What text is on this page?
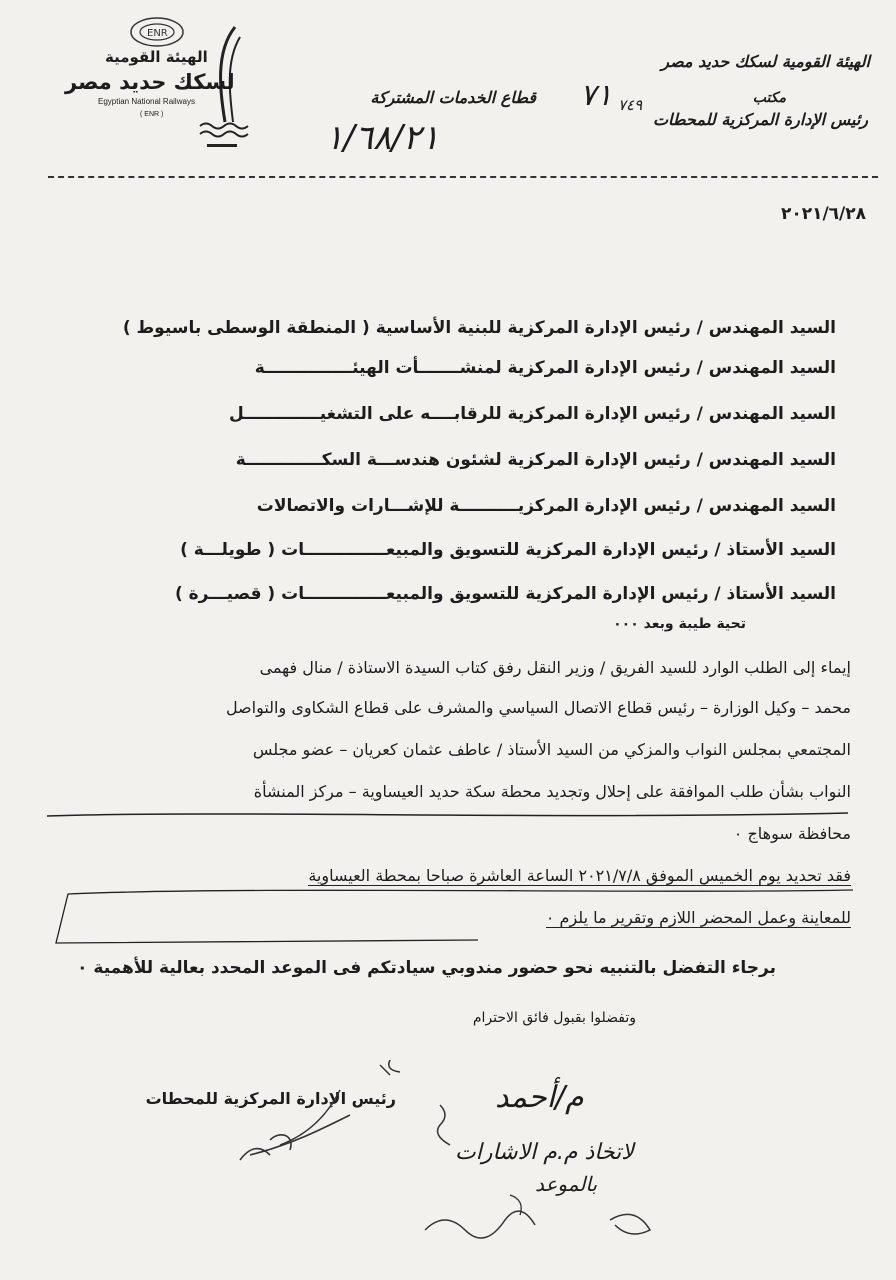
ENR
الهيئة القومية
لسكك حديد مصر
Egyptian National Railways
( ENR )
الهيئة القومية لسكك حديد مصر
مكتب
رئيس الإدارة المركزية للمحطات
قطاع الخدمات المشتركة ٧١ ٧٤٩
١/٦٨/٢١
٢٠٢١/٦/٢٨
السيد المهندس / رئيس الإدارة المركزية للبنية الأساسية ( المنطقة الوسطى باسيوط )
السيد المهندس / رئيس الإدارة المركزية لمنشـــــــأت الهيئـــــــــــــــة
السيد المهندس / رئيس الإدارة المركزية للرقابــــه على التشغيـــــــــــــل
السيد المهندس / رئيس الإدارة المركزية لشئون هندســـة السكـــــــــــــة
السيد المهندس / رئيس الإدارة المركزيــــــــــة للإشـــارات والاتصالات
السيد الأستاذ / رئيس الإدارة المركزية للتسويق والمبيعــــــــــــــات ( طويلـــة )
السيد الأستاذ / رئيس الإدارة المركزية للتسويق والمبيعــــــــــــــات ( قصيـــرة )
تحية طيبة وبعد ٠٠٠
إيماء إلى الطلب الوارد للسيد الفريق / وزير النقل رفق كتاب السيدة الاستاذة / منال فهمى
محمد – وكيل الوزارة – رئيس قطاع الاتصال السياسي والمشرف على قطاع الشكاوى والتواصل
المجتمعي بمجلس النواب والمزكي من السيد الأستاذ / عاطف عثمان كعريان – عضو مجلس
النواب بشأن طلب الموافقة على إحلال وتجديد محطة سكة حديد العيساوية – مركز المنشأة
محافظة سوهاج ٠
فقد تحديد يوم الخميس الموفق ٢٠٢١/٧/٨ الساعة العاشرة صباحا بمحطة العيساوية
للمعاينة وعمل المحضر اللازم وتقرير ما يلزم ٠
برجاء التفضل بالتنبيه نحو حضور مندوبي سيادتكم فى الموعد المحدد بعالية للأهمية ٠
وتفضلوا بقبول فائق الاحترام
رئيس الإدارة المركزية للمحطات	م/أحمد
لاتخاذ م.م الاشارات
بالموعد
